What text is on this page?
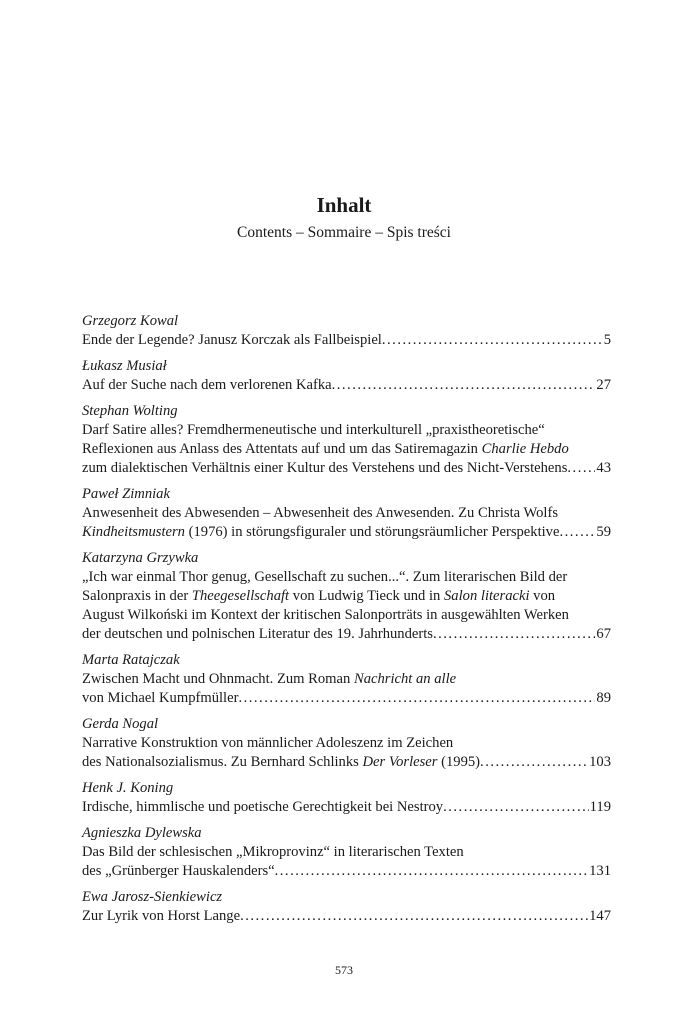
Inhalt
Contents – Sommaire – Spis treści
Grzegorz Kowal
Ende der Legende? Janusz Korczak als Fallbeispiel .....	5
Łukasz Musiał
Auf der Suche nach dem verlorenen Kafka .....	27
Stephan Wolting
Darf Satire alles? Fremdhermeneutische und interkulturell „praxistheoretische“
Reflexionen aus Anlass des Attentats auf und um das Satiremagazin Charlie Hebdo
zum dialektischen Verhältnis einer Kultur des Verstehens und des Nicht-Verstehens ..... 43
Paweł Zimniak
Anwesenheit des Abwesenden – Abwesenheit des Anwesenden. Zu Christa Wolfs
Kindheitsmustern (1976) in störungsfiguraler und störungsräumlicher Perspektive .....	59
Katarzyna Grzywka
„Ich war einmal Thor genug, Gesellschaft zu suchen...“. Zum literarischen Bild der
Salonpraxis in der Theegesellschaft von Ludwig Tieck und in Salon literacki von
August Wilkoński im Kontext der kritischen Salonporträts in ausgewählten Werken
der deutschen und polnischen Literatur des 19. Jahrhunderts .....	67
Marta Ratajczak
Zwischen Macht und Ohnmacht. Zum Roman Nachricht an alle
von Michael Kumpfmüller .....	89
Gerda Nogal
Narrative Konstruktion von männlicher Adoleszenz im Zeichen
des Nationalsozialismus. Zu Bernhard Schlinks Der Vorleser (1995) .....	103
Henk J. Koning
Irdische, himmlische und poetische Gerechtigkeit bei Nestroy .....	119
Agnieszka Dylewska
Das Bild der schlesischen „Mikroprovinz“ in literarischen Texten
des „Grünberger Hauskalenders“ .....	131
Ewa Jarosz-Sienkiewicz
Zur Lyrik von Horst Lange .....	147
573
